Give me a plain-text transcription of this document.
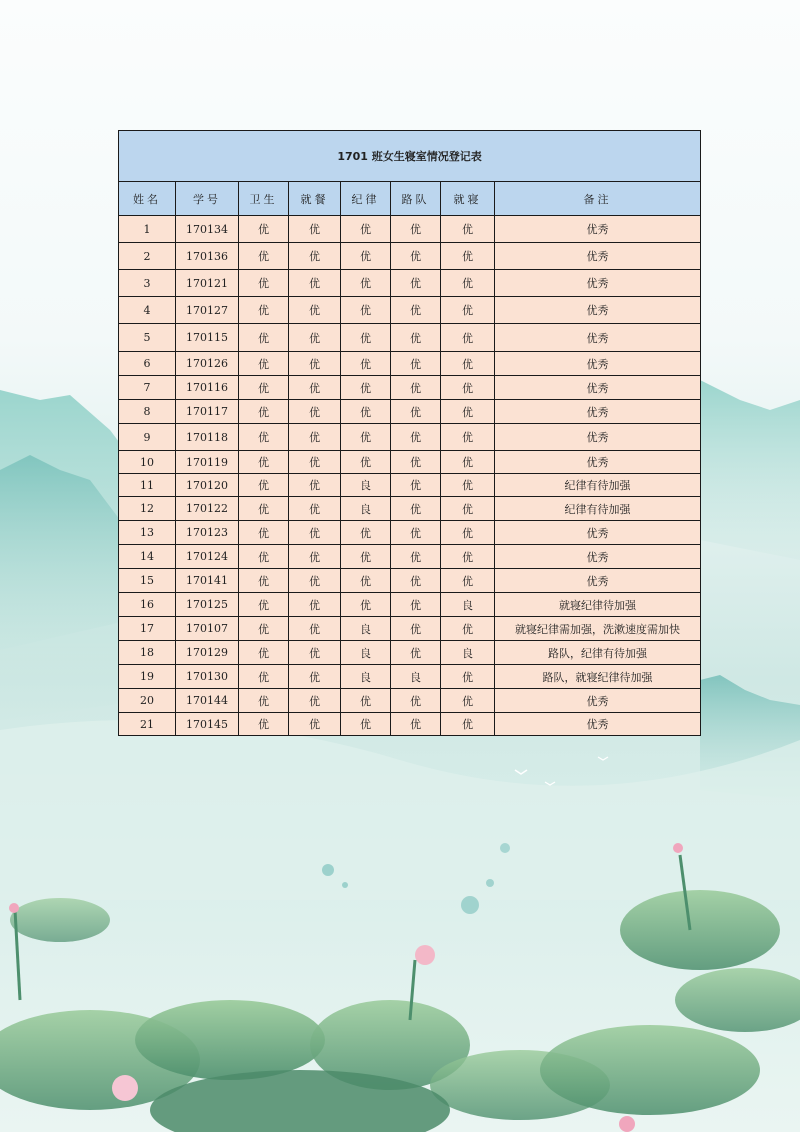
1701 班女生寝室情况登记表							
姓名	学号	卫生	就餐	纪律	路队	就寝	备注
1	170134	优	优	优	优	优	优秀
2	170136	优	优	优	优	优	优秀
3	170121	优	优	优	优	优	优秀
4	170127	优	优	优	优	优	优秀
5	170115	优	优	优	优	优	优秀
6	170126	优	优	优	优	优	优秀
7	170116	优	优	优	优	优	优秀
8	170117	优	优	优	优	优	优秀
9	170118	优	优	优	优	优	优秀
10	170119	优	优	优	优	优	优秀
11	170120	优	优	良	优	优	纪律有待加强
12	170122	优	优	良	优	优	纪律有待加强
13	170123	优	优	优	优	优	优秀
14	170124	优	优	优	优	优	优秀
15	170141	优	优	优	优	优	优秀
16	170125	优	优	优	优	良	就寝纪律待加强
17	170107	优	优	良	优	优	就寝纪律需加强，洗漱速度需加快
18	170129	优	优	良	优	良	路队，纪律有待加强
19	170130	优	优	良	良	优	路队，就寝纪律待加强
20	170144	优	优	优	优	优	优秀
21	170145	优	优	优	优	优	优秀
